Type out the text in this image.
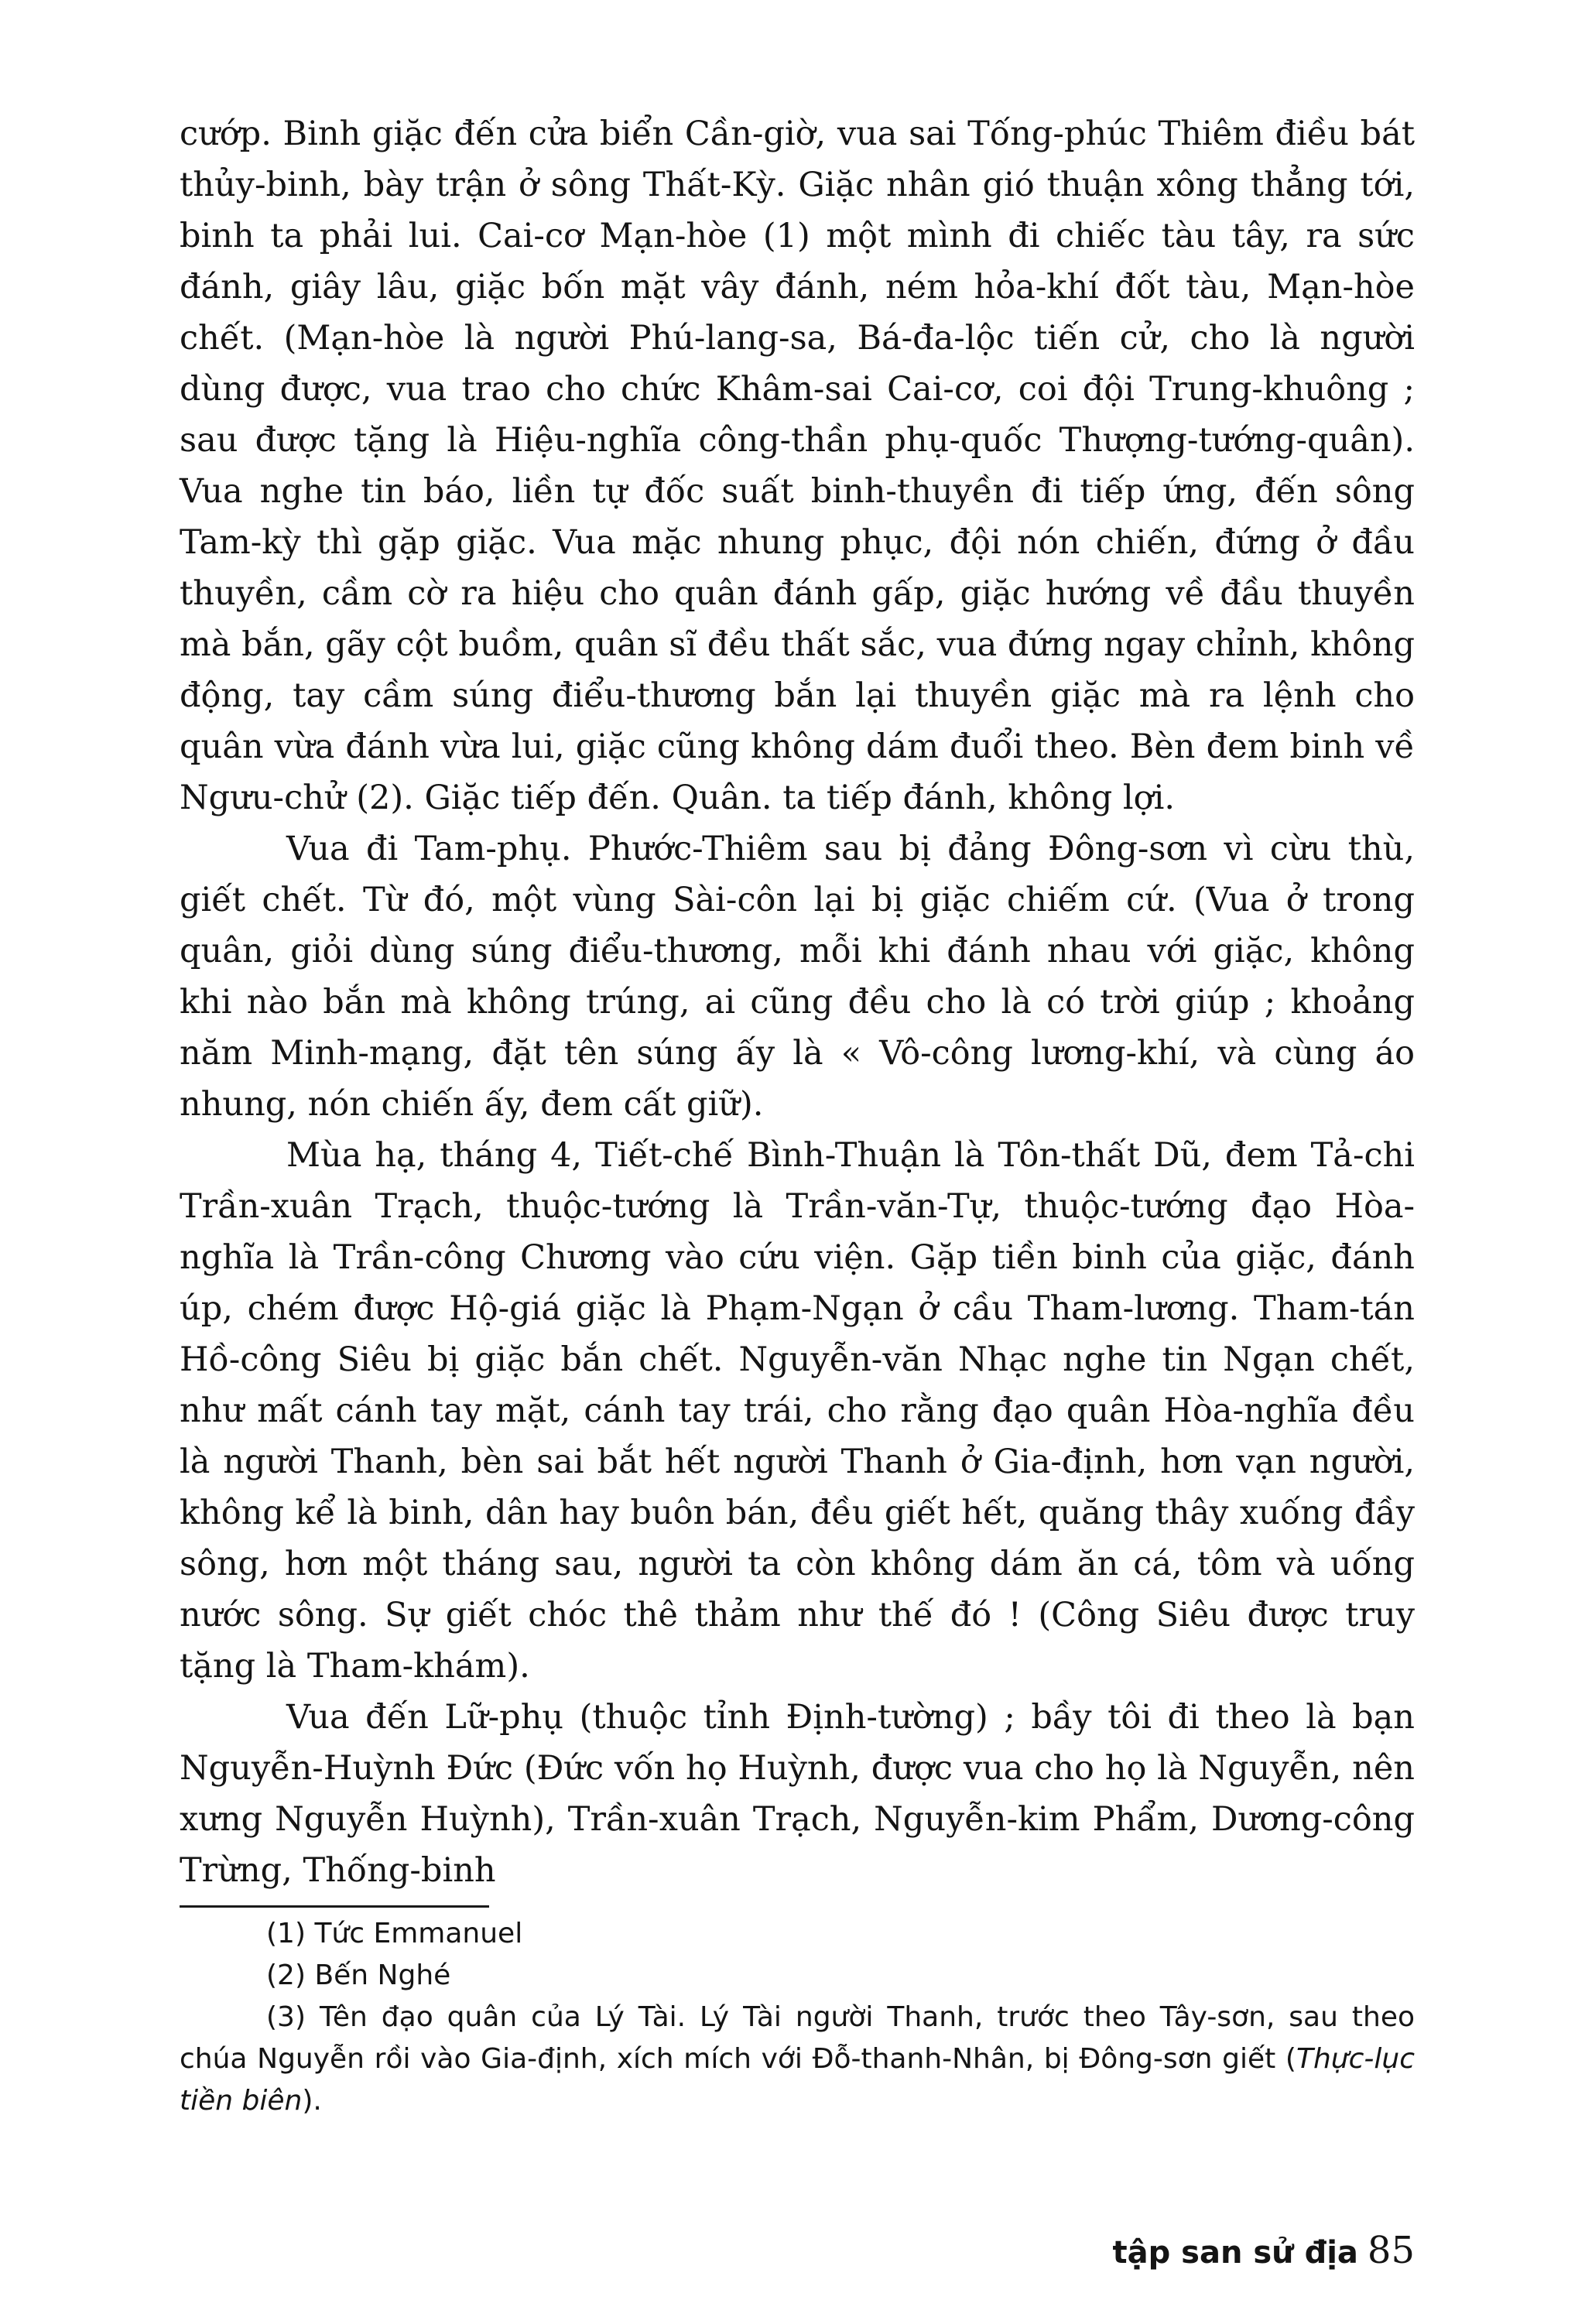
cướp. Binh giặc đến cửa biển Cần-giờ, vua sai Tống-phúc Thiêm điều bát thủy-binh, bày trận ở sông Thất-Kỳ. Giặc nhân gió thuận xông thẳng tới, binh ta phải lui. Cai-cơ Mạn-hòe (1) một mình đi chiếc tàu tây, ra sức đánh, giây lâu, giặc bốn mặt vây đánh, ném hỏa-khí đốt tàu, Mạn-hòe chết. (Mạn-hòe là người Phú-lang-sa, Bá-đa-lộc tiến cử, cho là người dùng được, vua trao cho chức Khâm-sai Cai-cơ, coi đội Trung-khuông ; sau được tặng là Hiệu-nghĩa công-thần phụ-quốc Thượng-tướng-quân). Vua nghe tin báo, liền tự đốc suất binh-thuyền đi tiếp ứng, đến sông Tam-kỳ thì gặp giặc. Vua mặc nhung phục, đội nón chiến, đứng ở đầu thuyền, cầm cờ ra hiệu cho quân đánh gấp, giặc hướng về đầu thuyền mà bắn, gãy cột buồm, quân sĩ đều thất sắc, vua đứng ngay chỉnh, không động, tay cầm súng điểu-thương bắn lại thuyền giặc mà ra lệnh cho quân vừa đánh vừa lui, giặc cũng không dám đuổi theo. Bèn đem binh về Ngưu-chử (2). Giặc tiếp đến. Quân. ta tiếp đánh, không lợi.

Vua đi Tam-phụ. Phước-Thiêm sau bị đảng Đông-sơn vì cừu thù, giết chết. Từ đó, một vùng Sài-côn lại bị giặc chiếm cứ. (Vua ở trong quân, giỏi dùng súng điểu-thương, mỗi khi đánh nhau với giặc, không khi nào bắn mà không trúng, ai cũng đều cho là có trời giúp ; khoảng năm Minh-mạng, đặt tên súng ấy là « Vô-công lương-khí, và cùng áo nhung, nón chiến ấy, đem cất giữ).

Mùa hạ, tháng 4, Tiết-chế Bình-Thuận là Tôn-thất Dũ, đem Tả-chi Trần-xuân Trạch, thuộc-tướng là Trần-văn-Tự, thuộc-tướng đạo Hòa-nghĩa là Trần-công Chương vào cứu viện. Gặp tiền binh của giặc, đánh úp, chém được Hộ-giá giặc là Phạm-Ngạn ở cầu Tham-lương. Tham-tán Hồ-công Siêu bị giặc bắn chết. Nguyễn-văn Nhạc nghe tin Ngạn chết, như mất cánh tay mặt, cánh tay trái, cho rằng đạo quân Hòa-nghĩa đều là người Thanh, bèn sai bắt hết người Thanh ở Gia-định, hơn vạn người, không kể là binh, dân hay buôn bán, đều giết hết, quăng thây xuống đầy sông, hơn một tháng sau, người ta còn không dám ăn cá, tôm và uống nước sông. Sự giết chóc thê thảm như thế đó ! (Công Siêu được truy tặng là Tham-khám).

Vua đến Lữ-phụ (thuộc tỉnh Định-tường) ; bầy tôi đi theo là bạn Nguyễn-Huỳnh Đức (Đức vốn họ Huỳnh, được vua cho họ là Nguyễn, nên xưng Nguyễn Huỳnh), Trần-xuân Trạch, Nguyễn-kim Phẩm, Dương-công Trừng, Thống-binh

(1) Tức Emmanuel

(2) Bến Nghé

(3) Tên đạo quân của Lý Tài. Lý Tài người Thanh, trước theo Tây-sơn, sau theo chúa Nguyễn rồi vào Gia-định, xích mích với Đỗ-thanh-Nhân, bị Đông-sơn giết (Thực-lục tiền biên).

tập san sử địa 85
